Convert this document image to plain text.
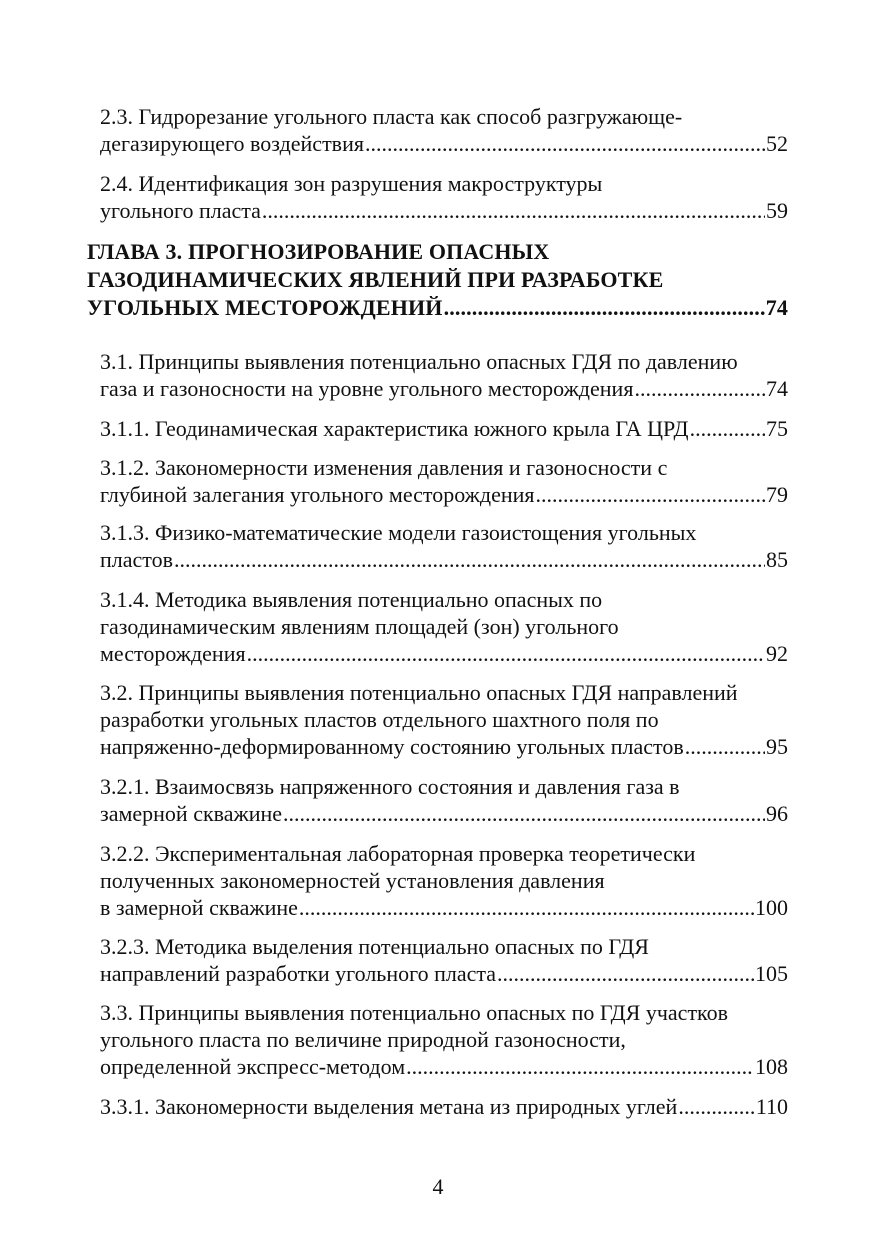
2.3. Гидрорезание угольного пласта как способ разгружающе-
дегазирующего воздействия .....	52
2.4. Идентификация зон разрушения макроструктуры
угольного пласта .....	59
ГЛАВА 3. ПРОГНОЗИРОВАНИЕ ОПАСНЫХ
ГАЗОДИНАМИЧЕСКИХ ЯВЛЕНИЙ ПРИ РАЗРАБОТКЕ
УГОЛЬНЫХ МЕСТОРОЖДЕНИЙ .....	74
3.1. Принципы выявления потенциально опасных ГДЯ по давлению
газа и газоносности на уровне угольного месторождения .....	74
3.1.1. Геодинамическая характеристика южного крыла ГА ЦРД .....	75
3.1.2. Закономерности изменения давления и газоносности с
глубиной залегания угольного месторождения .....	79
3.1.3. Физико-математические модели газоистощения угольных
пластов .....	85
3.1.4. Методика выявления потенциально опасных по
газодинамическим явлениям площадей (зон) угольного
месторождения .....	92
3.2. Принципы выявления потенциально опасных ГДЯ направлений
разработки угольных пластов отдельного шахтного поля по
напряженно-деформированному состоянию угольных пластов .....	95
3.2.1. Взаимосвязь напряженного состояния и давления газа в
замерной скважине .....	96
3.2.2. Экспериментальная лабораторная проверка теоретически
полученных закономерностей установления давления
в замерной скважине .....	100
3.2.3. Методика выделения потенциально опасных по ГДЯ
направлений разработки угольного пласта .....	105
3.3. Принципы выявления потенциально опасных по ГДЯ участков
угольного пласта по величине природной газоносности,
определенной экспресс-методом .....	108
3.3.1. Закономерности выделения метана из природных углей .....	110
4
